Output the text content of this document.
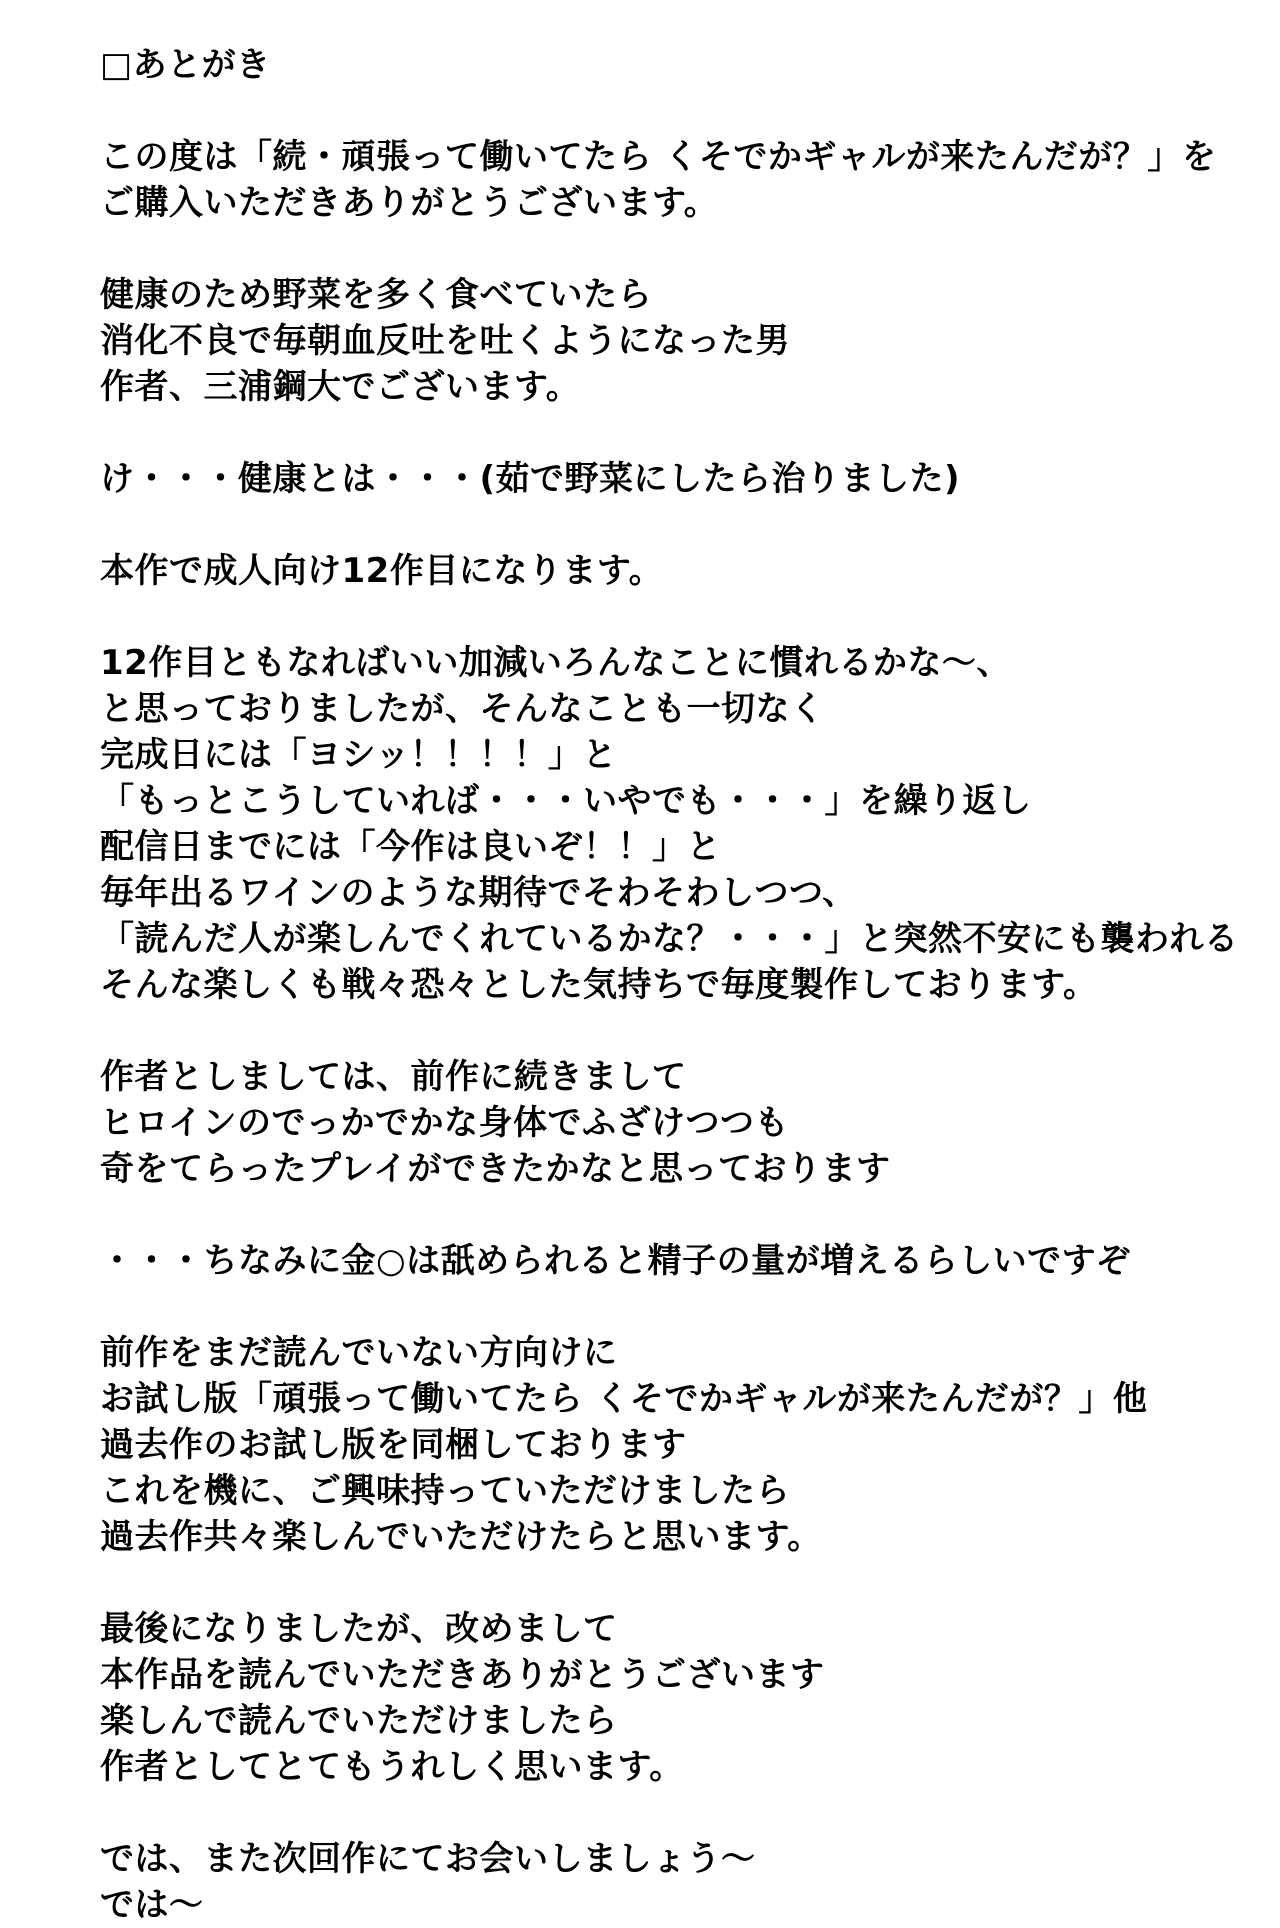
□あとがき
この度は「続・頑張って働いてたら くそでかギャルが来たんだが？」を
ご購入いただきありがとうございます。
健康のため野菜を多く食べていたら
消化不良で毎朝血反吐を吐くようになった男
作者、三浦鋼大でございます。
け・・・健康とは・・・(茹で野菜にしたら治りました)
本作で成人向け12作目になります。
12作目ともなればいい加減いろんなことに慣れるかな～、
と思っておりましたが、そんなことも一切なく
完成日には「ヨシッ！！！！」と
「もっとこうしていれば・・・いやでも・・・」を繰り返し
配信日までには「今作は良いぞ！！」と
毎年出るワインのような期待でそわそわしつつ、
「読んだ人が楽しんでくれているかな？・・・」と突然不安にも襲われる
そんな楽しくも戦々恐々とした気持ちで毎度製作しております。
作者としましては、前作に続きまして
ヒロインのでっかでかな身体でふざけつつも
奇をてらったプレイができたかなと思っております
・・・ちなみに金○は舐められると精子の量が増えるらしいですぞ
前作をまだ読んでいない方向けに
お試し版「頑張って働いてたら くそでかギャルが来たんだが？」他
過去作のお試し版を同梱しております
これを機に、ご興味持っていただけましたら
過去作共々楽しんでいただけたらと思います。
最後になりましたが、改めまして
本作品を読んでいただきありがとうございます
楽しんで読んでいただけましたら
作者としてとてもうれしく思います。
では、また次回作にてお会いしましょう～
では～
